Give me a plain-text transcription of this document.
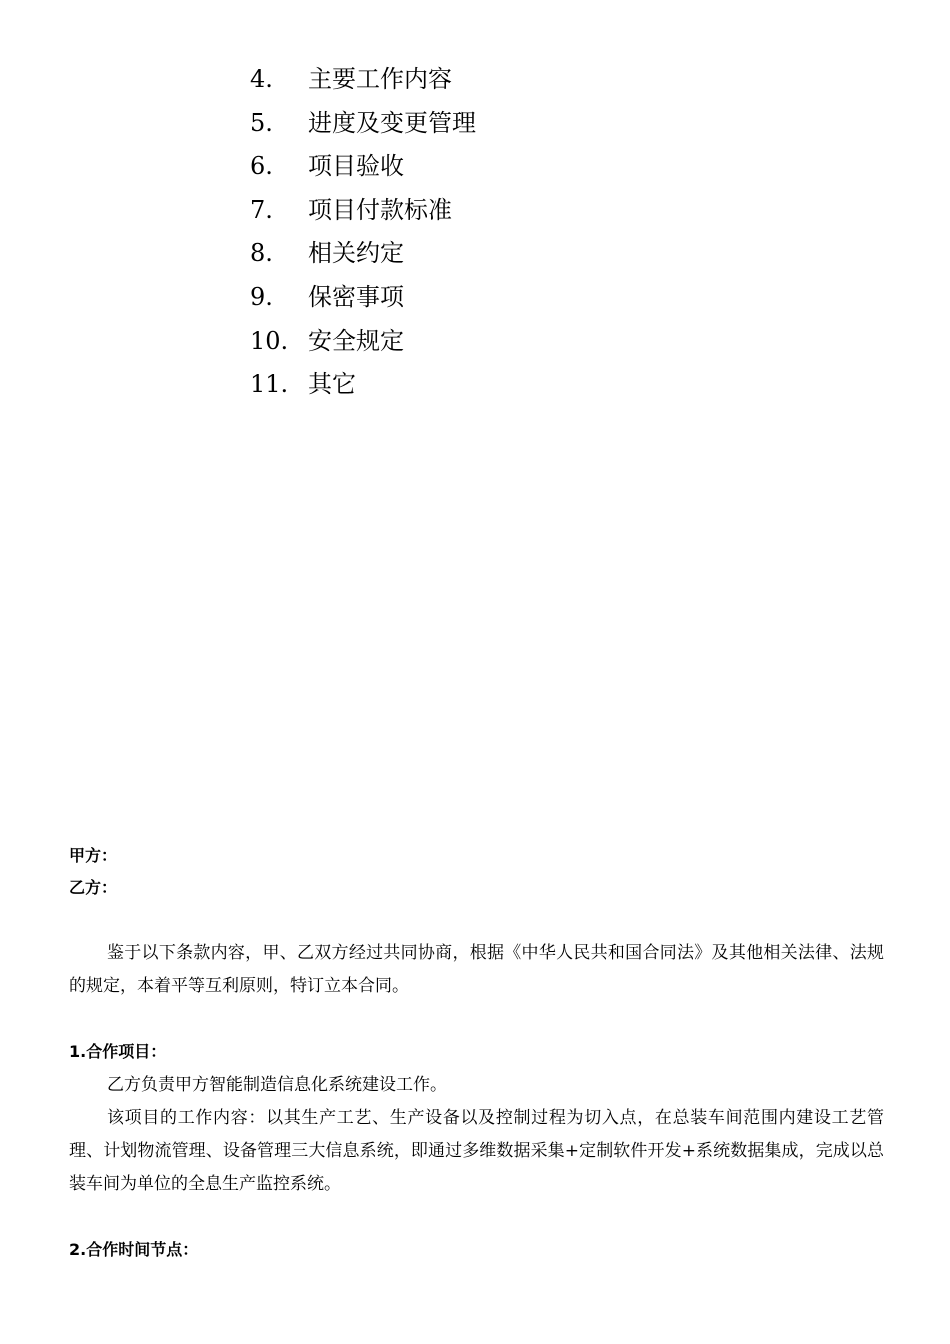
4.	主要工作内容
5.	进度及变更管理
6.	项目验收
7.	项目付款标准
8.	相关约定
9.	保密事项
10. 安全规定
11. 其它
甲方：
乙方：

鉴于以下条款内容，甲、乙双方经过共同协商，根据《中华人民共和国合同法》及其他相关法律、法规的规定，本着平等互利原则，特订立本合同。

1.合作项目：

乙方负责甲方智能制造信息化系统建设工作。

该项目的工作内容：以其生产工艺、生产设备以及控制过程为切入点，在总装车间范围内建设工艺管理、计划物流管理、设备管理三大信息系统，即通过多维数据采集+定制软件开发+系统数据集成，完成以总装车间为单位的全息生产监控系统。

2.合作时间节点：
